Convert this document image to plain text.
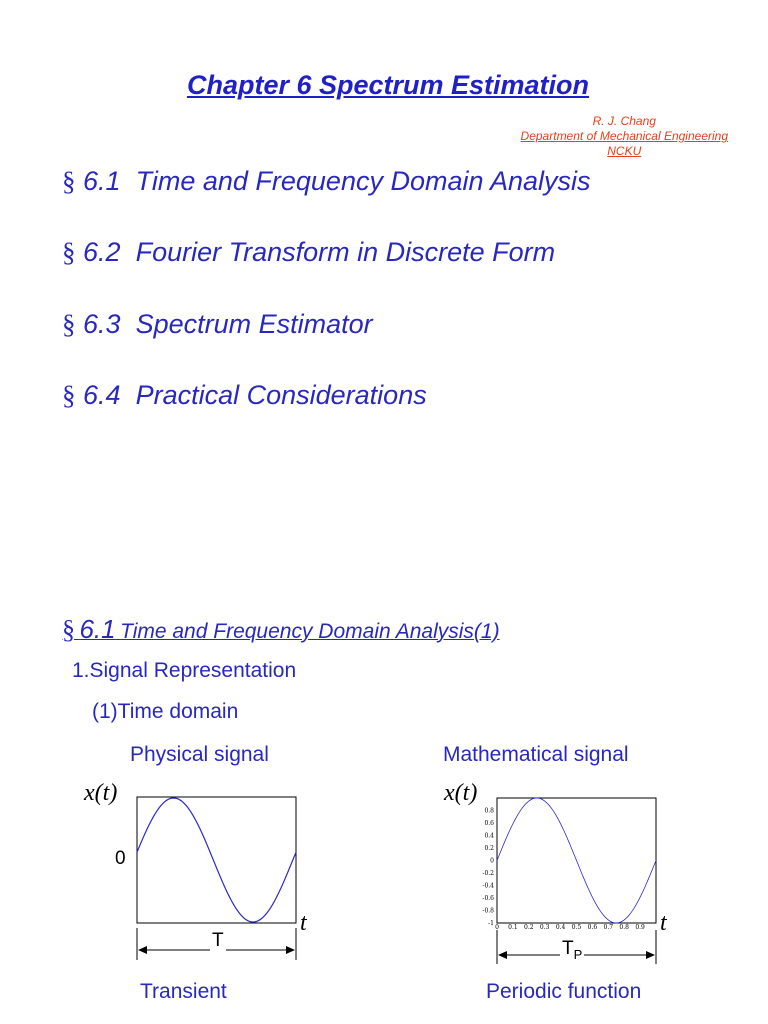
Chapter 6 Spectrum Estimation
R. J. Chang
Department of Mechanical Engineering
NCKU
§ 6.1 Time and Frequency Domain Analysis
§ 6.2 Fourier Transform in Discrete Form
§ 6.3 Spectrum Estimator
§ 6.4 Practical Considerations
§ 6.1 Time and Frequency Domain Analysis(1)
1.Signal Representation
(1)Time domain
Physical signal	Mathematical signal
x(t)
0
t
T
Transient
x(t)
0.8
0.6
0.4
0.2
0
-0.2
-0.4
-0.6
-0.8
-1
0 0.1 0.2 0.3 0.4 0.5 0.6 0.7 0.8 0.9 t
$T_P$
Periodic function
